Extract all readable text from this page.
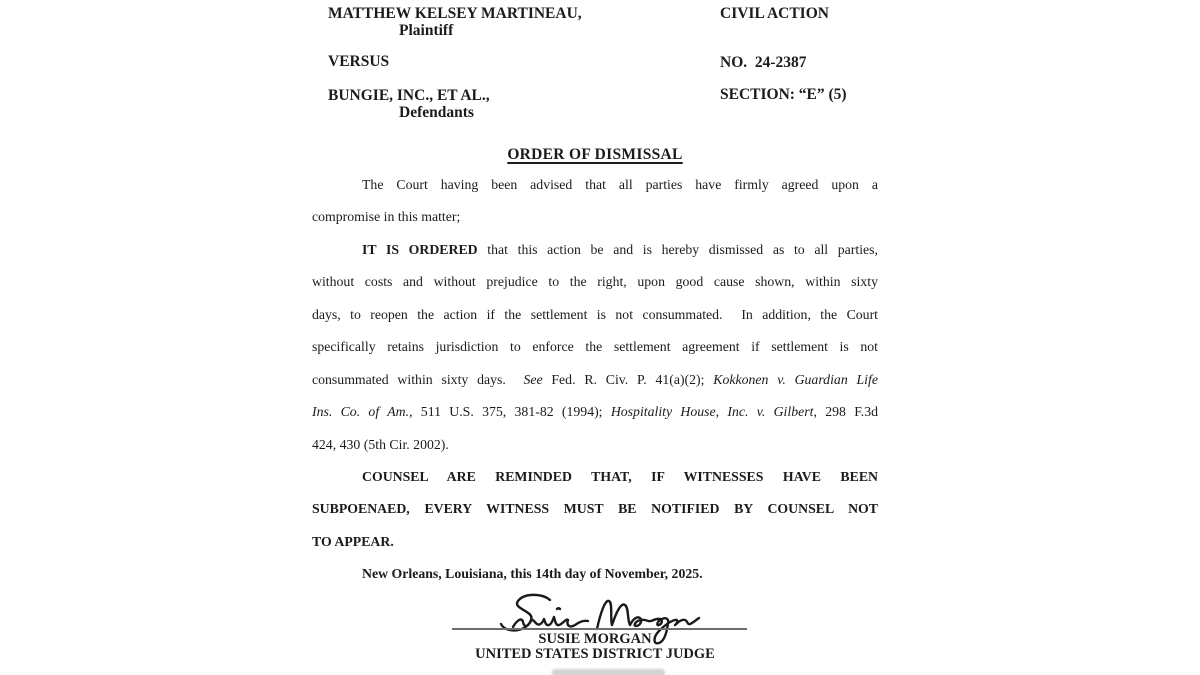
MATTHEW KELSEY MARTINEAU,
Plaintiff
VERSUS
BUNGIE, INC., ET AL.,
Defendants
CIVIL ACTION
NO.  24-2387
SECTION: “E” (5)
ORDER OF DISMISSAL
The Court having been advised that all parties have firmly agreed upon a
compromise in this matter;
IT IS ORDERED that this action be and is hereby dismissed as to all parties,
without costs and without prejudice to the right, upon good cause shown, within sixty
days, to reopen the action if the settlement is not consummated.  In addition, the Court
specifically retains jurisdiction to enforce the settlement agreement if settlement is not
consummated within sixty days.  See Fed. R. Civ. P. 41(a)(2); Kokkonen v. Guardian Life
Ins. Co. of Am., 511 U.S. 375, 381-82 (1994); Hospitality House, Inc. v. Gilbert, 298 F.3d
424, 430 (5th Cir. 2002).
COUNSEL ARE REMINDED THAT, IF WITNESSES HAVE BEEN
SUBPOENAED, EVERY WITNESS MUST BE NOTIFIED BY COUNSEL NOT
TO APPEAR.
New Orleans, Louisiana, this 14th day of November, 2025.
SUSIE MORGAN
UNITED STATES DISTRICT JUDGE
